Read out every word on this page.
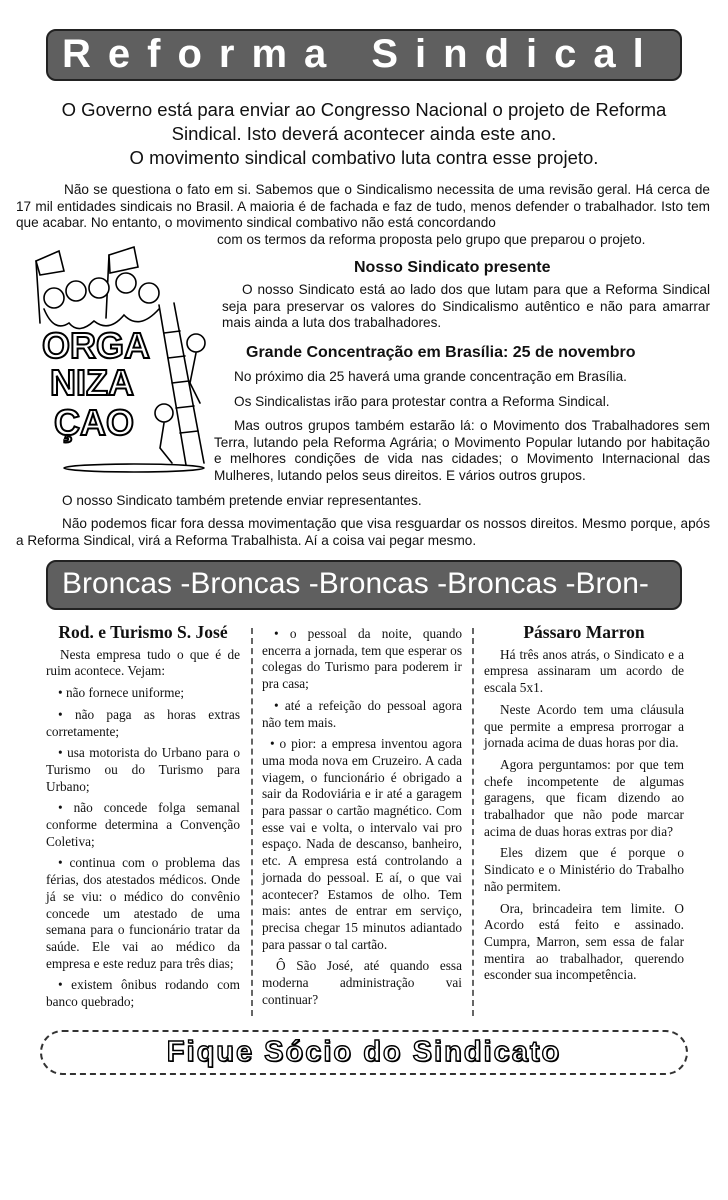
Reforma Sindical
O Governo está para enviar ao Congresso Nacional o projeto de Reforma
Sindical. Isto deverá acontecer ainda este ano.
O movimento sindical combativo luta contra esse projeto.

Não se questiona o fato em si. Sabemos que o Sindicalismo necessita de uma revisão geral. Há cerca de 17 mil entidades sindicais no Brasil. A maioria é de fachada e faz de tudo, menos defender o trabalhador. Isto tem que acabar. No entanto, o movimento sindical combativo não está concordando

com os termos da reforma proposta pelo grupo que preparou o projeto.

ORGA
NIZA
ÇAO
Nosso Sindicato presente

O nosso Sindicato está ao lado dos que lutam para que a Reforma Sindical seja para preservar os valores do Sindicalismo autêntico e não para amarrar mais ainda a luta dos trabalhadores.

Grande Concentração em Brasília: 25 de novembro

No próximo dia 25 haverá uma grande concentração em Brasília.

Os Sindicalistas irão para protestar contra a Reforma Sindical.

Mas outros grupos também estarão lá: o Movimento dos Trabalhadores sem Terra, lutando pela Reforma Agrária; o Movimento Popular lutando por habitação e melhores condições de vida nas cidades; o Movimento Internacional das Mulheres, lutando pelos seus direitos. E vários outros grupos.

O nosso Sindicato também pretende enviar representantes.

Não podemos ficar fora dessa movimentação que visa resguardar os nossos direitos. Mesmo porque, após a Reforma Sindical, virá a Reforma Trabalhista. Aí a coisa vai pegar mesmo.

Broncas -Broncas -Broncas -Broncas -Bron-
Rod. e Turismo S. José

Nesta empresa tudo o que é de ruim acontece. Vejam:

• não fornece uniforme;

• não paga as horas extras corretamente;

• usa motorista do Urbano para o Turismo ou do Turismo para Urbano;

• não concede folga semanal conforme determina a Convenção Coletiva;

• continua com o problema das férias, dos atestados médicos. Onde já se viu: o médico do convênio concede um atestado de uma semana para o funcionário tratar da saúde. Ele vai ao médico da empresa e este reduz para três dias;

• existem ônibus rodando com banco quebrado;

• o pessoal da noite, quando encerra a jornada, tem que esperar os colegas do Turismo para poderem ir pra casa;

• até a refeição do pessoal agora não tem mais.

• o pior: a empresa inventou agora uma moda nova em Cruzeiro. A cada viagem, o funcionário é obrigado a sair da Rodoviária e ir até a garagem para passar o cartão magnético. Com esse vai e volta, o intervalo vai pro espaço. Nada de descanso, banheiro, etc. A empresa está controlando a jornada do pessoal. E aí, o que vai acontecer? Estamos de olho. Tem mais: antes de entrar em serviço, precisa chegar 15 minutos adiantado para passar o tal cartão.

Ô São José, até quando essa moderna administração vai continuar?

Pássaro Marron

Há três anos atrás, o Sindicato e a empresa assinaram um acordo de escala 5x1.

Neste Acordo tem uma cláusula que permite a empresa prorrogar a jornada acima de duas horas por dia.

Agora perguntamos: por que tem chefe incompetente de algumas garagens, que ficam dizendo ao trabalhador que não pode marcar acima de duas horas extras por dia?

Eles dizem que é porque o Sindicato e o Ministério do Trabalho não permitem.

Ora, brincadeira tem limite. O Acordo está feito e assinado. Cumpra, Marron, sem essa de falar mentira ao trabalhador, querendo esconder sua incompetência.

Fique Sócio do Sindicato
